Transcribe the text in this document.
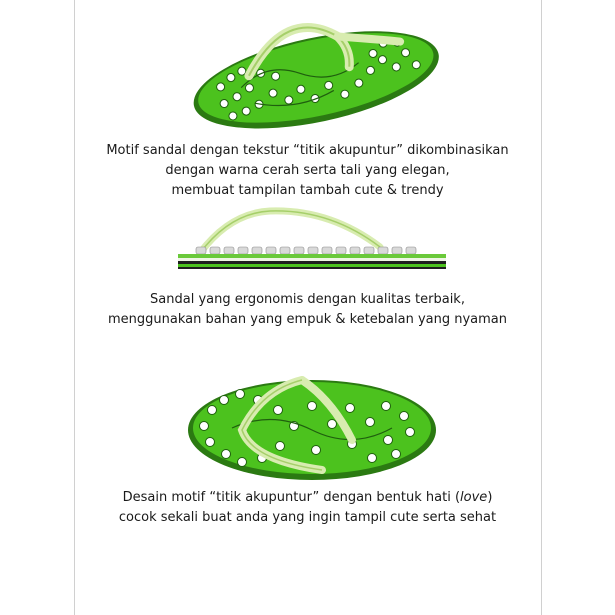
Motif sandal dengan tekstur “titik akupuntur” dikombinasikan
dengan warna cerah serta tali yang elegan,
membuat tampilan tambah cute & trendy
Sandal yang ergonomis dengan kualitas terbaik,
menggunakan bahan yang empuk & ketebalan yang nyaman
Desain motif “titik akupuntur” dengan bentuk hati (love)
cocok sekali buat anda yang ingin tampil cute serta sehat
